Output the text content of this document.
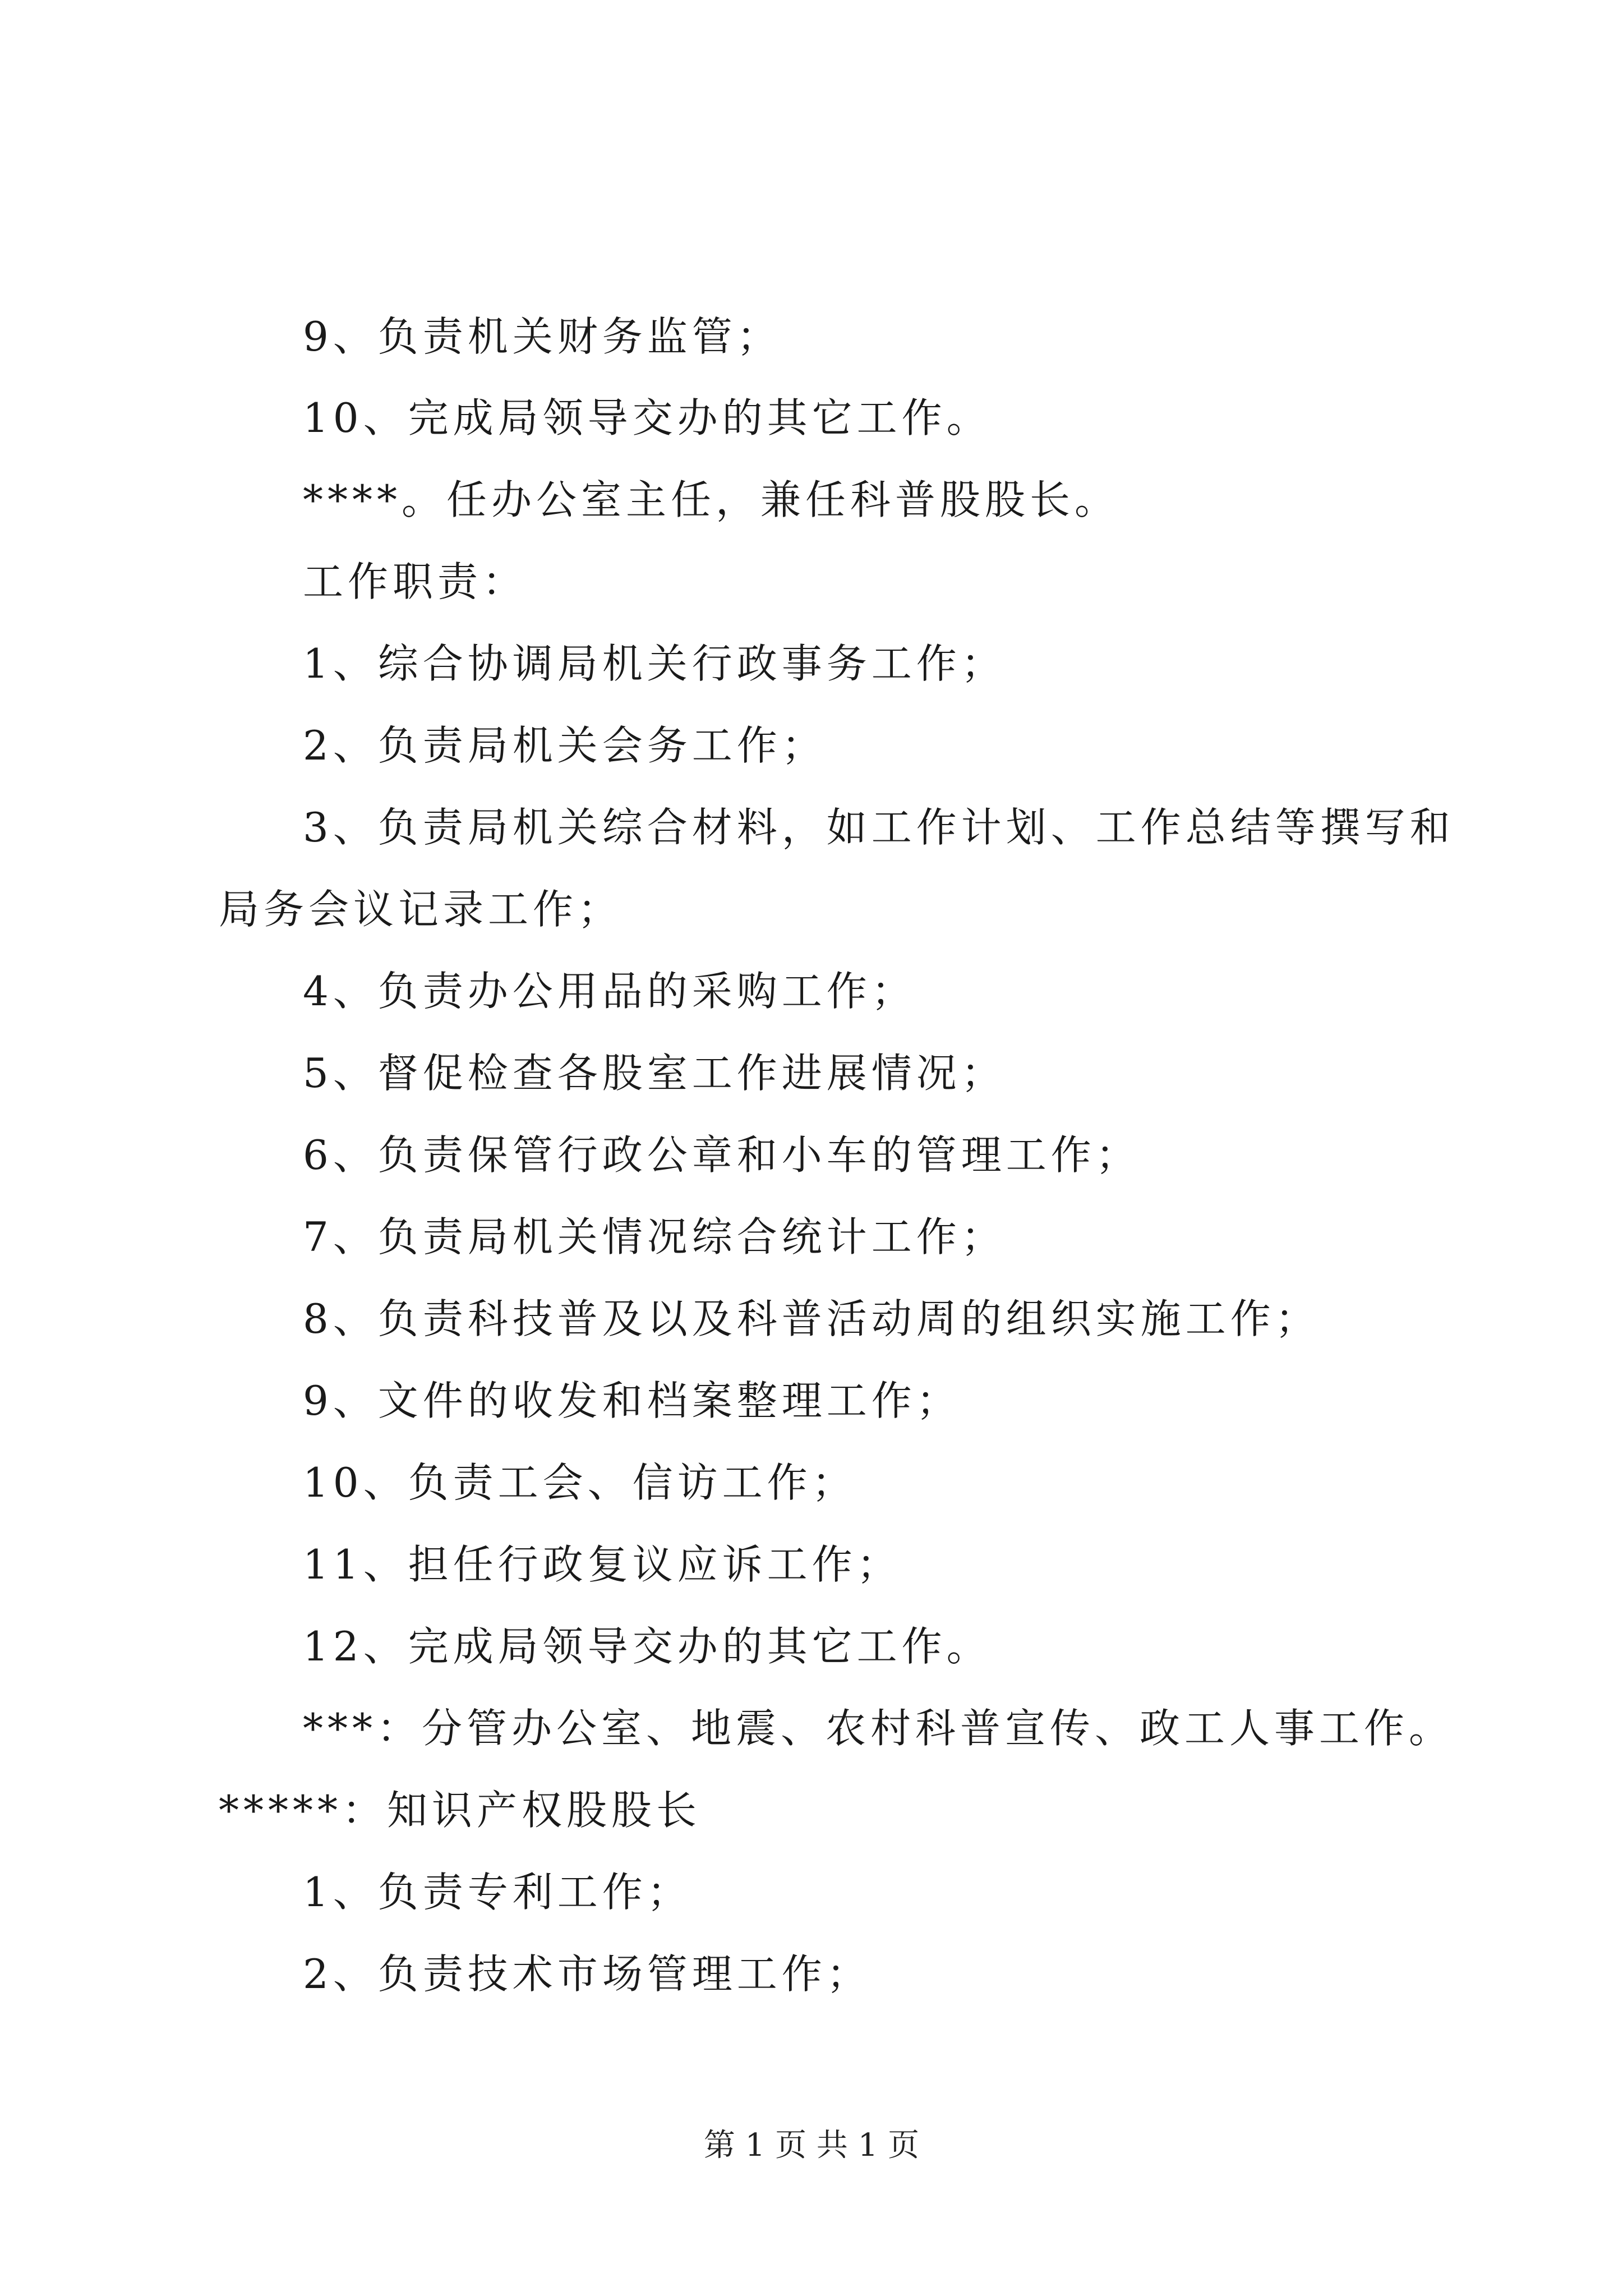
9、负责机关财务监管；
10、完成局领导交办的其它工作。
****。任办公室主任，兼任科普股股长。
工作职责：
1、综合协调局机关行政事务工作；
2、负责局机关会务工作；
3、负责局机关综合材料，如工作计划、工作总结等撰写和
局务会议记录工作；
4、负责办公用品的采购工作；
5、督促检查各股室工作进展情况；
6、负责保管行政公章和小车的管理工作；
7、负责局机关情况综合统计工作；
8、负责科技普及以及科普活动周的组织实施工作；
9、文件的收发和档案整理工作；
10、负责工会、信访工作；
11、担任行政复议应诉工作；
12、完成局领导交办的其它工作。
***：分管办公室、地震、农村科普宣传、政工人事工作。
*****：知识产权股股长
1、负责专利工作；
2、负责技术市场管理工作；
第 1 页 共 1 页
